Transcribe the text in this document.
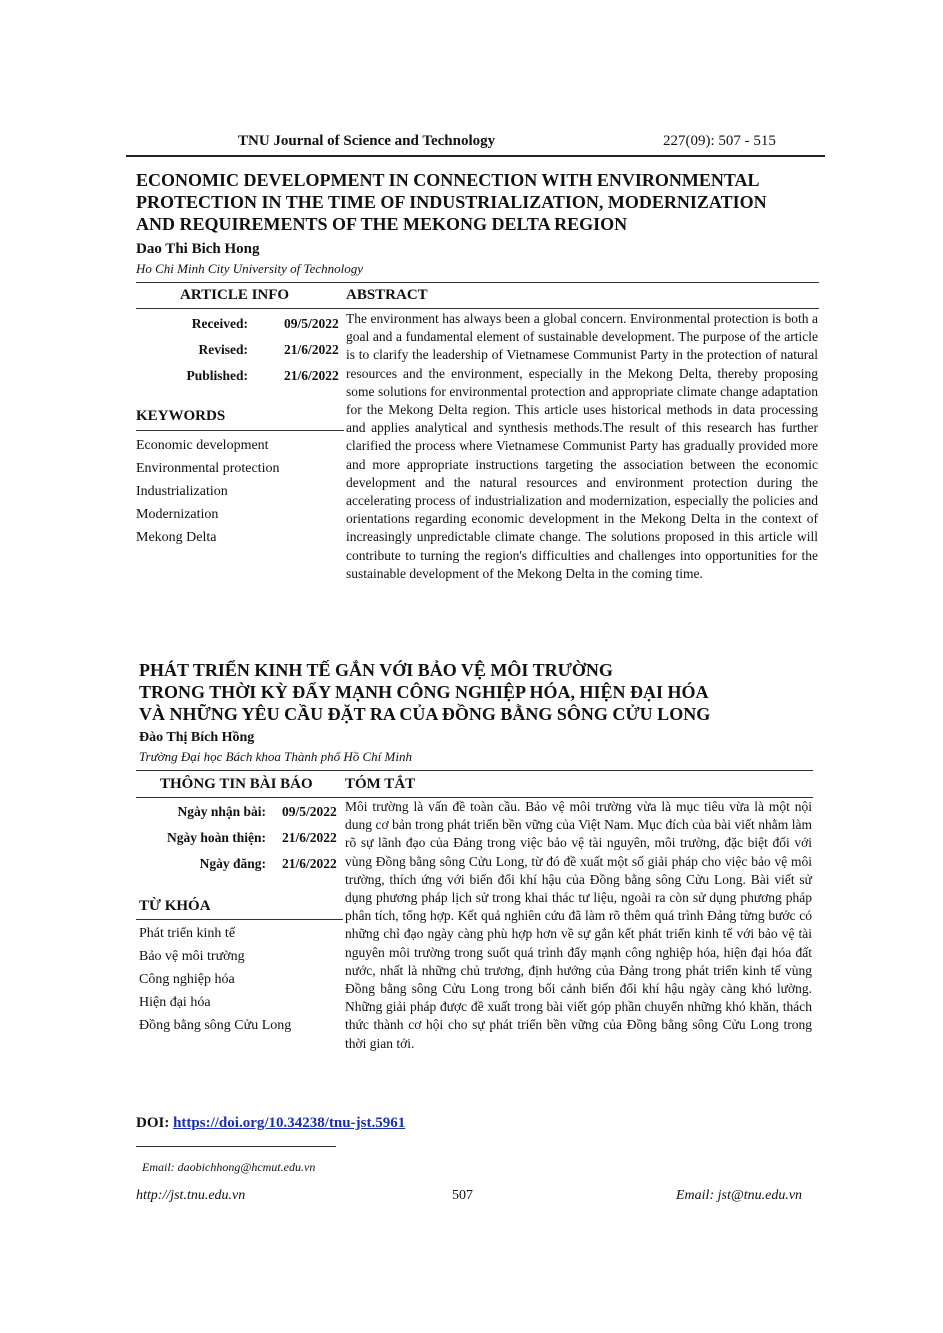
TNU Journal of Science and Technology	227(09): 507 - 515
ECONOMIC DEVELOPMENT IN CONNECTION WITH ENVIRONMENTAL
PROTECTION IN THE TIME OF INDUSTRIALIZATION, MODERNIZATION
AND REQUIREMENTS OF THE MEKONG DELTA REGION
Dao Thi Bich Hong
Ho Chi Minh City University of Technology
ARTICLE INFO	ABSTRACT
Received:	09/5/2022
Revised:	21/6/2022
Published:	21/6/2022
KEYWORDS
Economic development
Environmental protection
Industrialization
Modernization
Mekong Delta
The environment has always been a global concern. Environmental protection is both a goal and a fundamental element of sustainable development. The purpose of the article is to clarify the leadership of Vietnamese Communist Party in the protection of natural resources and the environment, especially in the Mekong Delta, thereby proposing some solutions for environmental protection and appropriate climate change adaptation for the Mekong Delta region. This article uses historical methods in data processing and applies analytical and synthesis methods.The result of this research has further clarified the process where Vietnamese Communist Party has gradually provided more and more appropriate instructions targeting the association between the economic development and the natural resources and environment protection during the accelerating process of industrialization and modernization, especially the policies and orientations regarding economic development in the Mekong Delta in the context of increasingly unpredictable climate change. The solutions proposed in this article will contribute to turning the region's difficulties and challenges into opportunities for the sustainable development of the Mekong Delta in the coming time.
PHÁT TRIỂN KINH TẾ GẮN VỚI BẢO VỆ MÔI TRƯỜNG
TRONG THỜI KỲ ĐẨY MẠNH CÔNG NGHIỆP HÓA, HIỆN ĐẠI HÓA
VÀ NHỮNG YÊU CẦU ĐẶT RA CỦA ĐỒNG BẰNG SÔNG CỬU LONG
Đào Thị Bích Hồng
Trường Đại học Bách khoa Thành phố Hồ Chí Minh
THÔNG TIN BÀI BÁO TÓM TẮT
Ngày nhận bài: 09/5/2022
Ngày hoàn thiện: 21/6/2022
Ngày đăng: 21/6/2022
TỪ KHÓA
Phát triển kinh tế
Bảo vệ môi trường
Công nghiệp hóa
Hiện đại hóa
Đồng bằng sông Cửu Long
Môi trường là vấn đề toàn cầu. Bảo vệ môi trường vừa là mục tiêu vừa là một nội dung cơ bản trong phát triển bền vững của Việt Nam. Mục đích của bài viết nhằm làm rõ sự lãnh đạo của Đảng trong việc bảo vệ tài nguyên, môi trường, đặc biệt đối với vùng Đồng bằng sông Cửu Long, từ đó đề xuất một số giải pháp cho việc bảo vệ môi trường, thích ứng với biến đổi khí hậu của Đồng bằng sông Cửu Long. Bài viết sử dụng phương pháp lịch sử trong khai thác tư liệu, ngoài ra còn sử dụng phương pháp phân tích, tổng hợp. Kết quả nghiên cứu đã làm rõ thêm quá trình Đảng từng bước có những chỉ đạo ngày càng phù hợp hơn về sự gắn kết phát triển kinh tế với bảo vệ tài nguyên môi trường trong suốt quá trình đẩy mạnh công nghiệp hóa, hiện đại hóa đất nước, nhất là những chủ trương, định hướng của Đảng trong phát triển kinh tế vùng Đồng bằng sông Cửu Long trong bối cảnh biến đổi khí hậu ngày càng khó lường. Những giải pháp được đề xuất trong bài viết góp phần chuyển những khó khăn, thách thức thành cơ hội cho sự phát triển bền vững của Đồng bằng sông Cửu Long trong thời gian tới.
DOI: https://doi.org/10.34238/tnu-jst.5961
Email: daobichhong@hcmut.edu.vn
http://jst.tnu.edu.vn	507	Email: jst@tnu.edu.vn
